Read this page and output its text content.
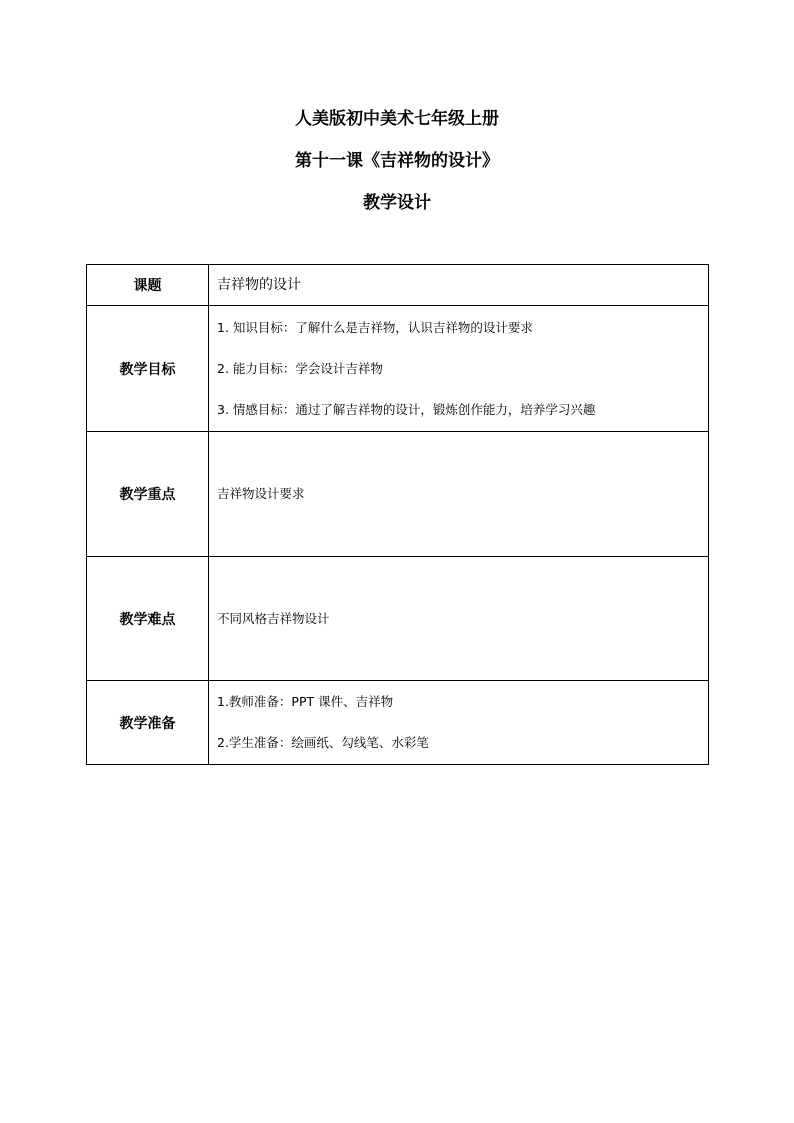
人美版初中美术七年级上册
第十一课《吉祥物的设计》
教学设计
课题	吉祥物的设计

教学目标	1. 知识目标：了解什么是吉祥物，认识吉祥物的设计要求
2. 能力目标：学会设计吉祥物
3. 情感目标：通过了解吉祥物的设计，锻炼创作能力，培养学习兴趣

教学重点	吉祥物设计要求

教学难点	不同风格吉祥物设计

教学准备	1.教师准备：PPT 课件、吉祥物
2.学生准备：绘画纸、勾线笔、水彩笔
